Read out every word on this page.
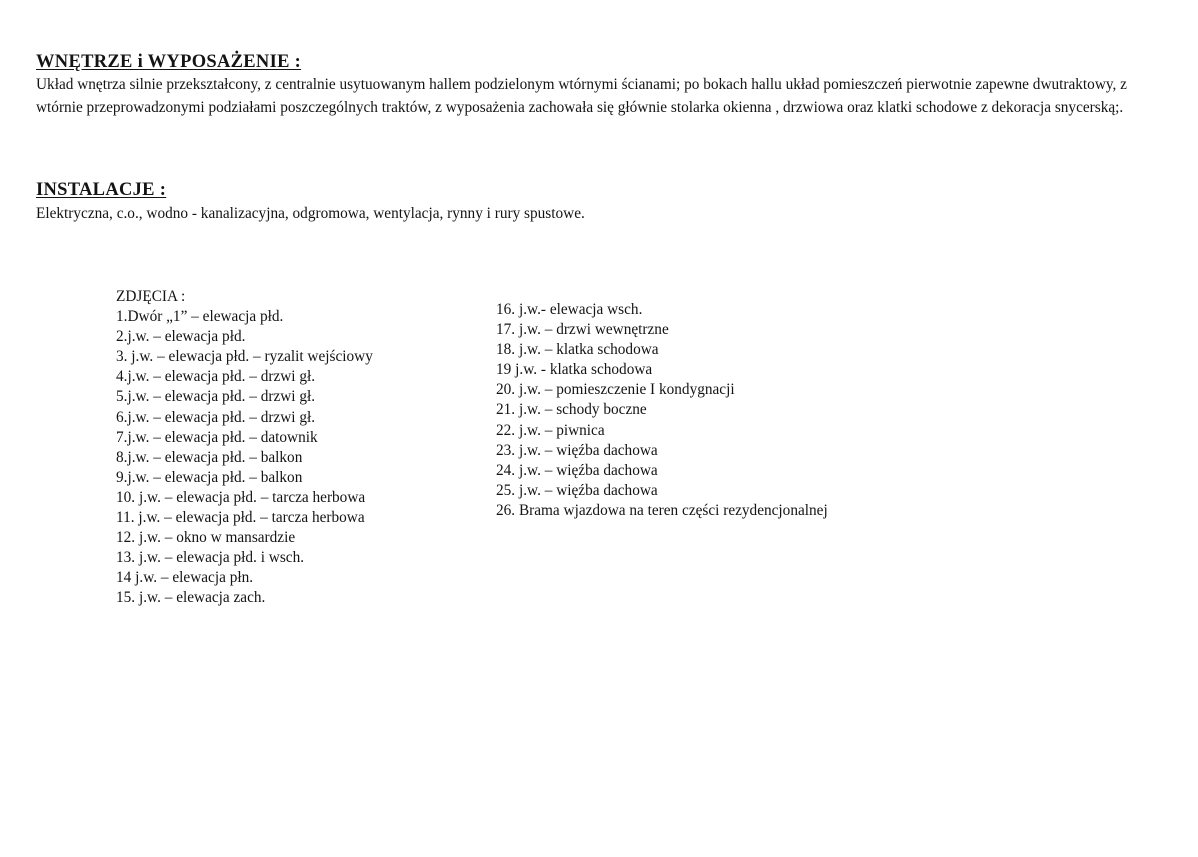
WNĘTRZE i WYPOSAŻENIE :
Układ wnętrza silnie przekształcony, z centralnie usytuowanym hallem podzielonym wtórnymi ścianami; po bokach hallu układ pomieszczeń pierwotnie zapewne dwutraktowy, z wtórnie przeprowadzonymi podziałami poszczególnych traktów, z wyposażenia zachowała się głównie stolarka okienna , drzwiowa oraz klatki schodowe z dekoracja snycerską;.
INSTALACJE :
Elektryczna, c.o., wodno - kanalizacyjna, odgromowa, wentylacja, rynny i rury spustowe.
ZDJĘCIA :
1.Dwór „1” – elewacja płd.
2.j.w. – elewacja płd.
3. j.w. – elewacja płd. – ryzalit wejściowy
4.j.w. – elewacja płd. – drzwi gł.
5.j.w. – elewacja płd. – drzwi gł.
6.j.w. – elewacja płd. – drzwi gł.
7.j.w. – elewacja płd. – datownik
8.j.w. – elewacja płd. – balkon
9.j.w. – elewacja płd. – balkon
10. j.w. – elewacja płd. – tarcza herbowa
11. j.w. – elewacja płd. – tarcza herbowa
12. j.w. – okno w mansardzie
13. j.w. – elewacja płd. i wsch.
14 j.w. – elewacja płn.
15. j.w. – elewacja zach.
16. j.w.- elewacja wsch.
17. j.w. – drzwi wewnętrzne
18. j.w. – klatka schodowa
19 j.w. - klatka schodowa
20. j.w. – pomieszczenie I kondygnacji
21. j.w. – schody boczne
22. j.w. – piwnica
23. j.w. – więźba dachowa
24. j.w. – więźba dachowa
25. j.w. – więźba dachowa
26. Brama wjazdowa na teren części rezydencjonalnej
